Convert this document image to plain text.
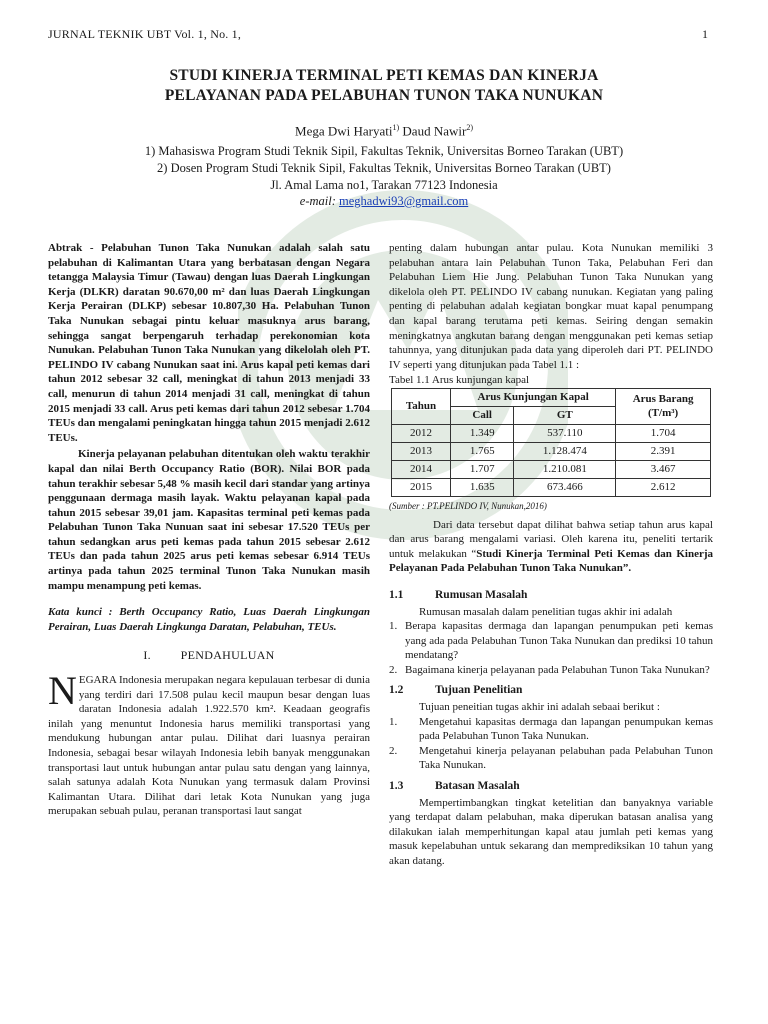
JURNAL TEKNIK UBT Vol. 1, No. 1,	1
STUDI KINERJA TERMINAL PETI KEMAS DAN KINERJA
PELAYANAN PADA PELABUHAN TUNON TAKA NUNUKAN
Mega Dwi Haryati$^{1)}$ Daud Nawir$^{2)}$
1) Mahasiswa Program Studi Teknik Sipil, Fakultas Teknik, Universitas Borneo Tarakan (UBT)
2) Dosen Program Studi Teknik Sipil, Fakultas Teknik, Universitas Borneo Tarakan (UBT)
Jl. Amal Lama no1, Tarakan 77123 Indonesia
e-mail: meghadwi93@gmail.com

Abtrak - Pelabuhan Tunon Taka Nunukan adalah salah satu pelabuhan di Kalimantan Utara yang berbatasan dengan Negara tetangga Malaysia Timur (Tawau) dengan luas Daerah Lingkungan Kerja (DLKR) daratan 90.670,00 m² dan luas Daerah Lingkungan Kerja Perairan (DLKP) sebesar 10.807,30 Ha. Pelabuhan Tunon Taka Nunukan sebagai pintu keluar masuknya arus barang, sehingga sangat berpengaruh terhadap perekonomian kota Nunukan. Pelabuhan Tunon Taka Nunukan yang dikelolah oleh PT. PELINDO IV cabang Nunukan saat ini. Arus kapal peti kemas dari tahun 2012 sebesar 32 call, meningkat di tahun 2013 menjadi 33 call, menurun di tahun 2014 menjadi 31 call, meningkat di tahun 2015 menjadi 33 call. Arus peti kemas dari tahun 2012 sebesar 1.704 TEUs dan mengalami peningkatan hingga tahun 2015 menjadi 2.612 TEUs.

Kinerja pelayanan pelabuhan ditentukan oleh waktu terakhir kapal dan nilai Berth Occupancy Ratio (BOR). Nilai BOR pada tahun terakhir sebesar 5,48 % masih kecil dari standar yang artinya penggunaan dermaga masih layak. Waktu pelayanan kapal pada tahun 2015 sebesar 39,01 jam. Kapasitas terminal peti kemas pada Pelabuhan Tunon Taka Nunuan saat ini sebesar 17.520 TEUs per tahun sedangkan arus peti kemas pada tahun 2015 sebesar 2.612 TEUs dan pada tahun 2025 arus peti kemas sebesar 6.914 TEUs artinya pada tahun 2025 terminal Tunon Taka Nunukan masih mampu menampung peti kemas.

Kata kunci : Berth Occupancy Ratio, Luas Daerah Lingkungan Perairan, Luas Daerah Lingkunga Daratan, Pelabuhan, TEUs.

I. PENDAHULUAN

NEGARA Indonesia merupakan negara kepulauan terbesar di dunia yang terdiri dari 17.508 pulau kecil maupun besar dengan luas daratan Indonesia adalah 1.922.570 km². Keadaan geografis inilah yang menuntut Indonesia harus memiliki transportasi yang mendukung hubungan antar pulau. Dilihat dari luasnya perairan Indonesia, sebagai besar wilayah Indonesia lebih banyak menggunakan transportasi laut untuk hubungan antar pulau satu dengan yang lainnya, salah satunya adalah Kota Nunukan yang termasuk dalam Provinsi Kalimantan Utara. Dilihat dari letak Kota Nunukan yang juga merupakan sebuah pulau, peranan transportasi laut sangat

penting dalam hubungan antar pulau. Kota Nunukan memiliki 3 pelabuhan antara lain Pelabuhan Tunon Taka, Pelabuhan Feri dan Pelabuhan Liem Hie Jung. Pelabuhan Tunon Taka Nunukan yang dikelola oleh PT. PELINDO IV cabang nunukan. Kegiatan yang paling penting di pelabuhan adalah kegiatan bongkar muat kapal penumpang dan kapal barang terutama peti kemas. Seiring dengan semakin meningkatnya angkutan barang dengan menggunakan peti kemas setiap tahunnya, yang ditunjukan pada data yang diperoleh dari PT. PELINDO IV seperti yang ditunjukan pada Tabel 1.1 :

Tabel 1.1 Arus kunjungan kapal

Tahun	Arus Kunjungan Kapal		Arus Barang
(T/m³)
	Call	GT	
2012	1.349	537.110	1.704
2013	1.765	1.128.474	2.391
2014	1.707	1.210.081	3.467
2015	1.635	673.466	2.612

(Sumber : PT.PELINDO IV, Nunukan,2016)

Dari data tersebut dapat dilihat bahwa setiap tahun arus kapal dan arus barang mengalami variasi. Oleh karena itu, peneliti tertarik untuk melakukan “Studi Kinerja Terminal Peti Kemas dan Kinerja Pelayanan Pada Pelabuhan Tunon Taka Nunukan”.

1.1	Rumusan Masalah

Rumusan masalah dalam penelitian tugas akhir ini adalah

1. Berapa kapasitas dermaga dan lapangan penumpukan peti kemas yang ada pada Pelabuhan Tunon Taka Nunukan dan prediksi 10 tahun mendatang?
2. Bagaimana kinerja pelayanan pada Pelabuhan Tunon Taka Nunukan?
1.2	Tujuan Penelitian

Tujuan peneitian tugas akhir ini adalah sebaai berikut :

1.	Mengetahui kapasitas dermaga dan lapangan penumpukan kemas pada Pelabuhan Tunon Taka Nunukan.
2.	Mengetahui kinerja pelayanan pelabuhan pada Pelabuhan Tunon Taka Nunukan.
1.3	Batasan Masalah

Mempertimbangkan tingkat ketelitian dan banyaknya variable yang terdapat dalam pelabuhan, maka diperukan batasan analisa yang dilakukan ialah memperhitungan kapal atau jumlah peti kemas yang masuk kepelabuhan untuk sekarang dan memprediksikan 10 tahun yang akan datang.
